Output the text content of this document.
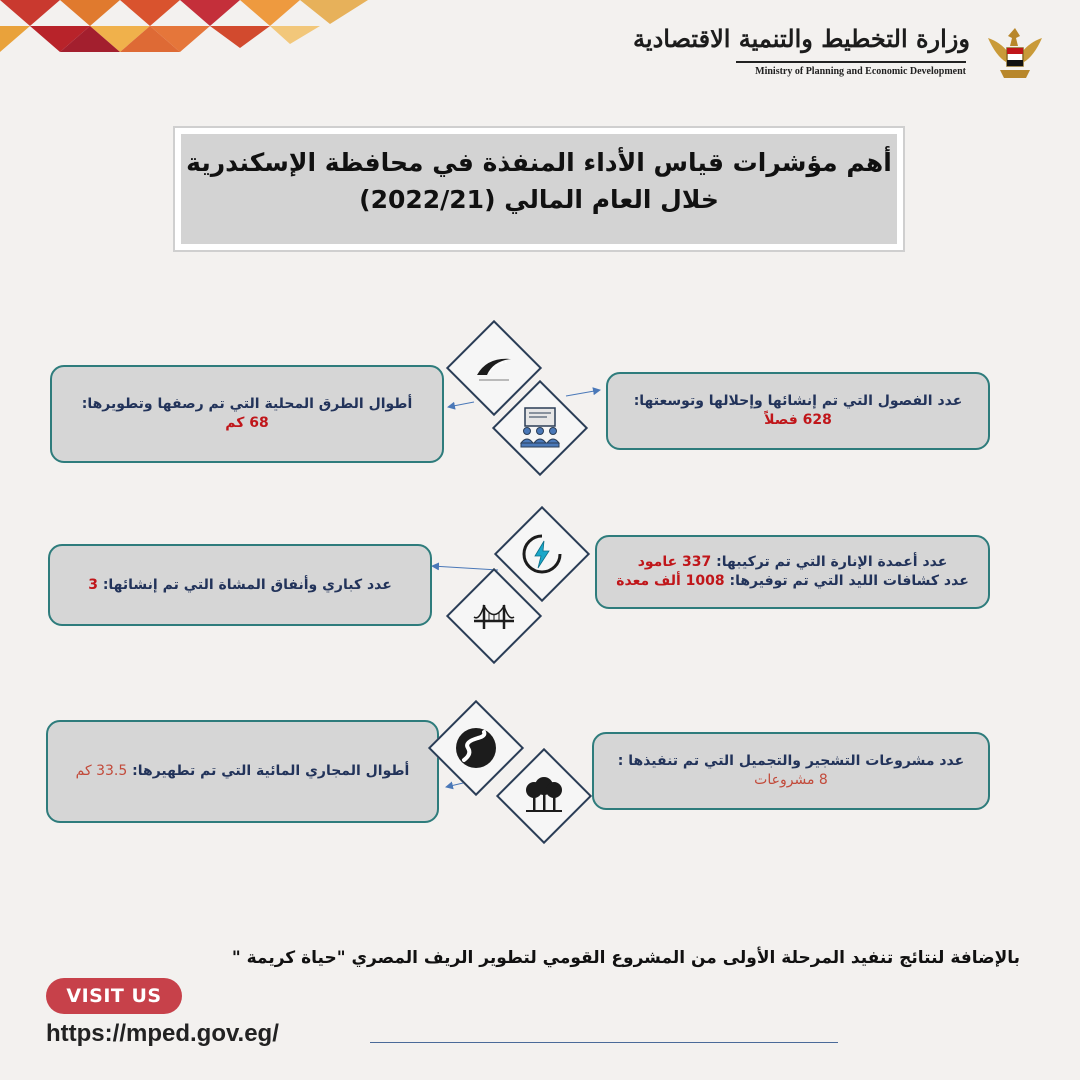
وزارة التخطيط والتنمية الاقتصادية
Ministry of Planning and Economic Development
أهم مؤشرات قياس الأداء المنفذة في محافظة الإسكندرية
خلال العام المالي (2022/21)
أطوال الطرق المحلية التي تم رصفها وتطويرها: 68 كم
عدد الفصول التي تم إنشائها وإحلالها وتوسعتها:
628 فصلاً
عدد كباري وأنفاق المشاة التي تم إنشائها: 3
عدد أعمدة الإنارة التي تم تركيبها: 337 عامود
عدد كشافات الليد التي تم توفيرها: 1008 ألف معدة
أطوال المجاري المائية التي تم تطهيرها: 33.5 كم
عدد مشروعات التشجير والتجميل التي تم تنفيذها :
8 مشروعات
بالإضافة لنتائج تنفيد المرحلة الأولى من المشروع القومي لتطوير الريف المصري "حياة كريمة "
VISIT US
https://mped.gov.eg/
